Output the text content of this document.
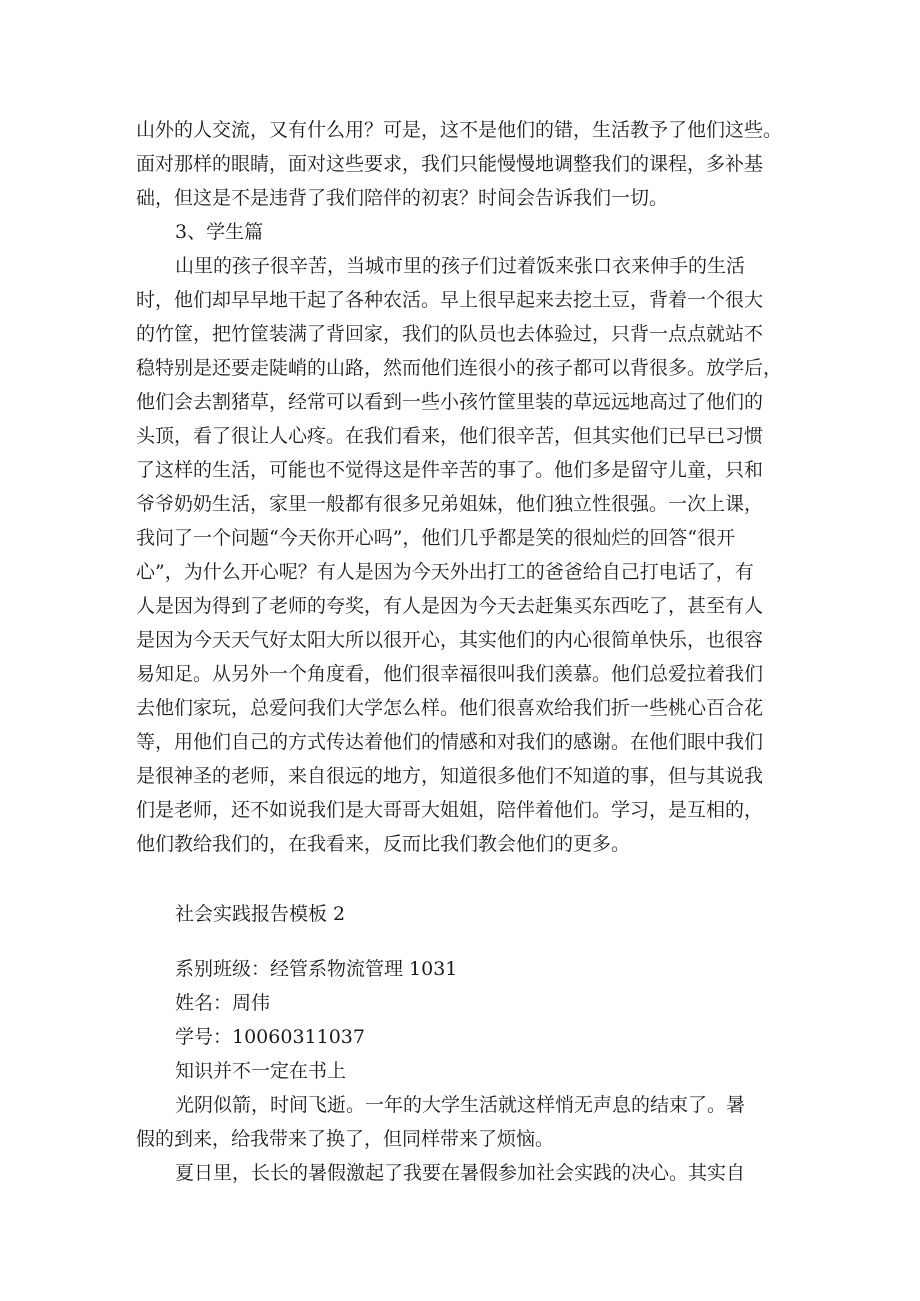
山外的人交流，又有什么用？可是，这不是他们的错，生活教予了他们这些。
面对那样的眼睛，面对这些要求，我们只能慢慢地调整我们的课程，多补基
础，但这是不是违背了我们陪伴的初衷？时间会告诉我们一切。
3、学生篇
山里的孩子很辛苦，当城市里的孩子们过着饭来张口衣来伸手的生活
时，他们却早早地干起了各种农活。早上很早起来去挖土豆，背着一个很大
的竹筐，把竹筐装满了背回家，我们的队员也去体验过，只背一点点就站不
稳特别是还要走陡峭的山路，然而他们连很小的孩子都可以背很多。放学后，
他们会去割猪草，经常可以看到一些小孩竹筐里装的草远远地高过了他们的
头顶，看了很让人心疼。在我们看来，他们很辛苦，但其实他们已早已习惯
了这样的生活，可能也不觉得这是件辛苦的事了。他们多是留守儿童，只和
爷爷奶奶生活，家里一般都有很多兄弟姐妹，他们独立性很强。一次上课，
我问了一个问题“今天你开心吗”，他们几乎都是笑的很灿烂的回答“很开
心”，为什么开心呢？有人是因为今天外出打工的爸爸给自己打电话了，有
人是因为得到了老师的夸奖，有人是因为今天去赶集买东西吃了，甚至有人
是因为今天天气好太阳大所以很开心，其实他们的内心很简单快乐，也很容
易知足。从另外一个角度看，他们很幸福很叫我们羡慕。他们总爱拉着我们
去他们家玩，总爱问我们大学怎么样。他们很喜欢给我们折一些桃心百合花
等，用他们自己的方式传达着他们的情感和对我们的感谢。在他们眼中我们
是很神圣的老师，来自很远的地方，知道很多他们不知道的事，但与其说我
们是老师，还不如说我们是大哥哥大姐姐，陪伴着他们。学习，是互相的，
他们教给我们的，在我看来，反而比我们教会他们的更多。
社会实践报告模板 2
系别班级：经管系物流管理 1031
姓名：周伟
学号：10060311037
知识并不一定在书上
光阴似箭，时间飞逝。一年的大学生活就这样悄无声息的结束了。暑
假的到来，给我带来了换了，但同样带来了烦恼。
夏日里，长长的暑假激起了我要在暑假参加社会实践的决心。其实自
